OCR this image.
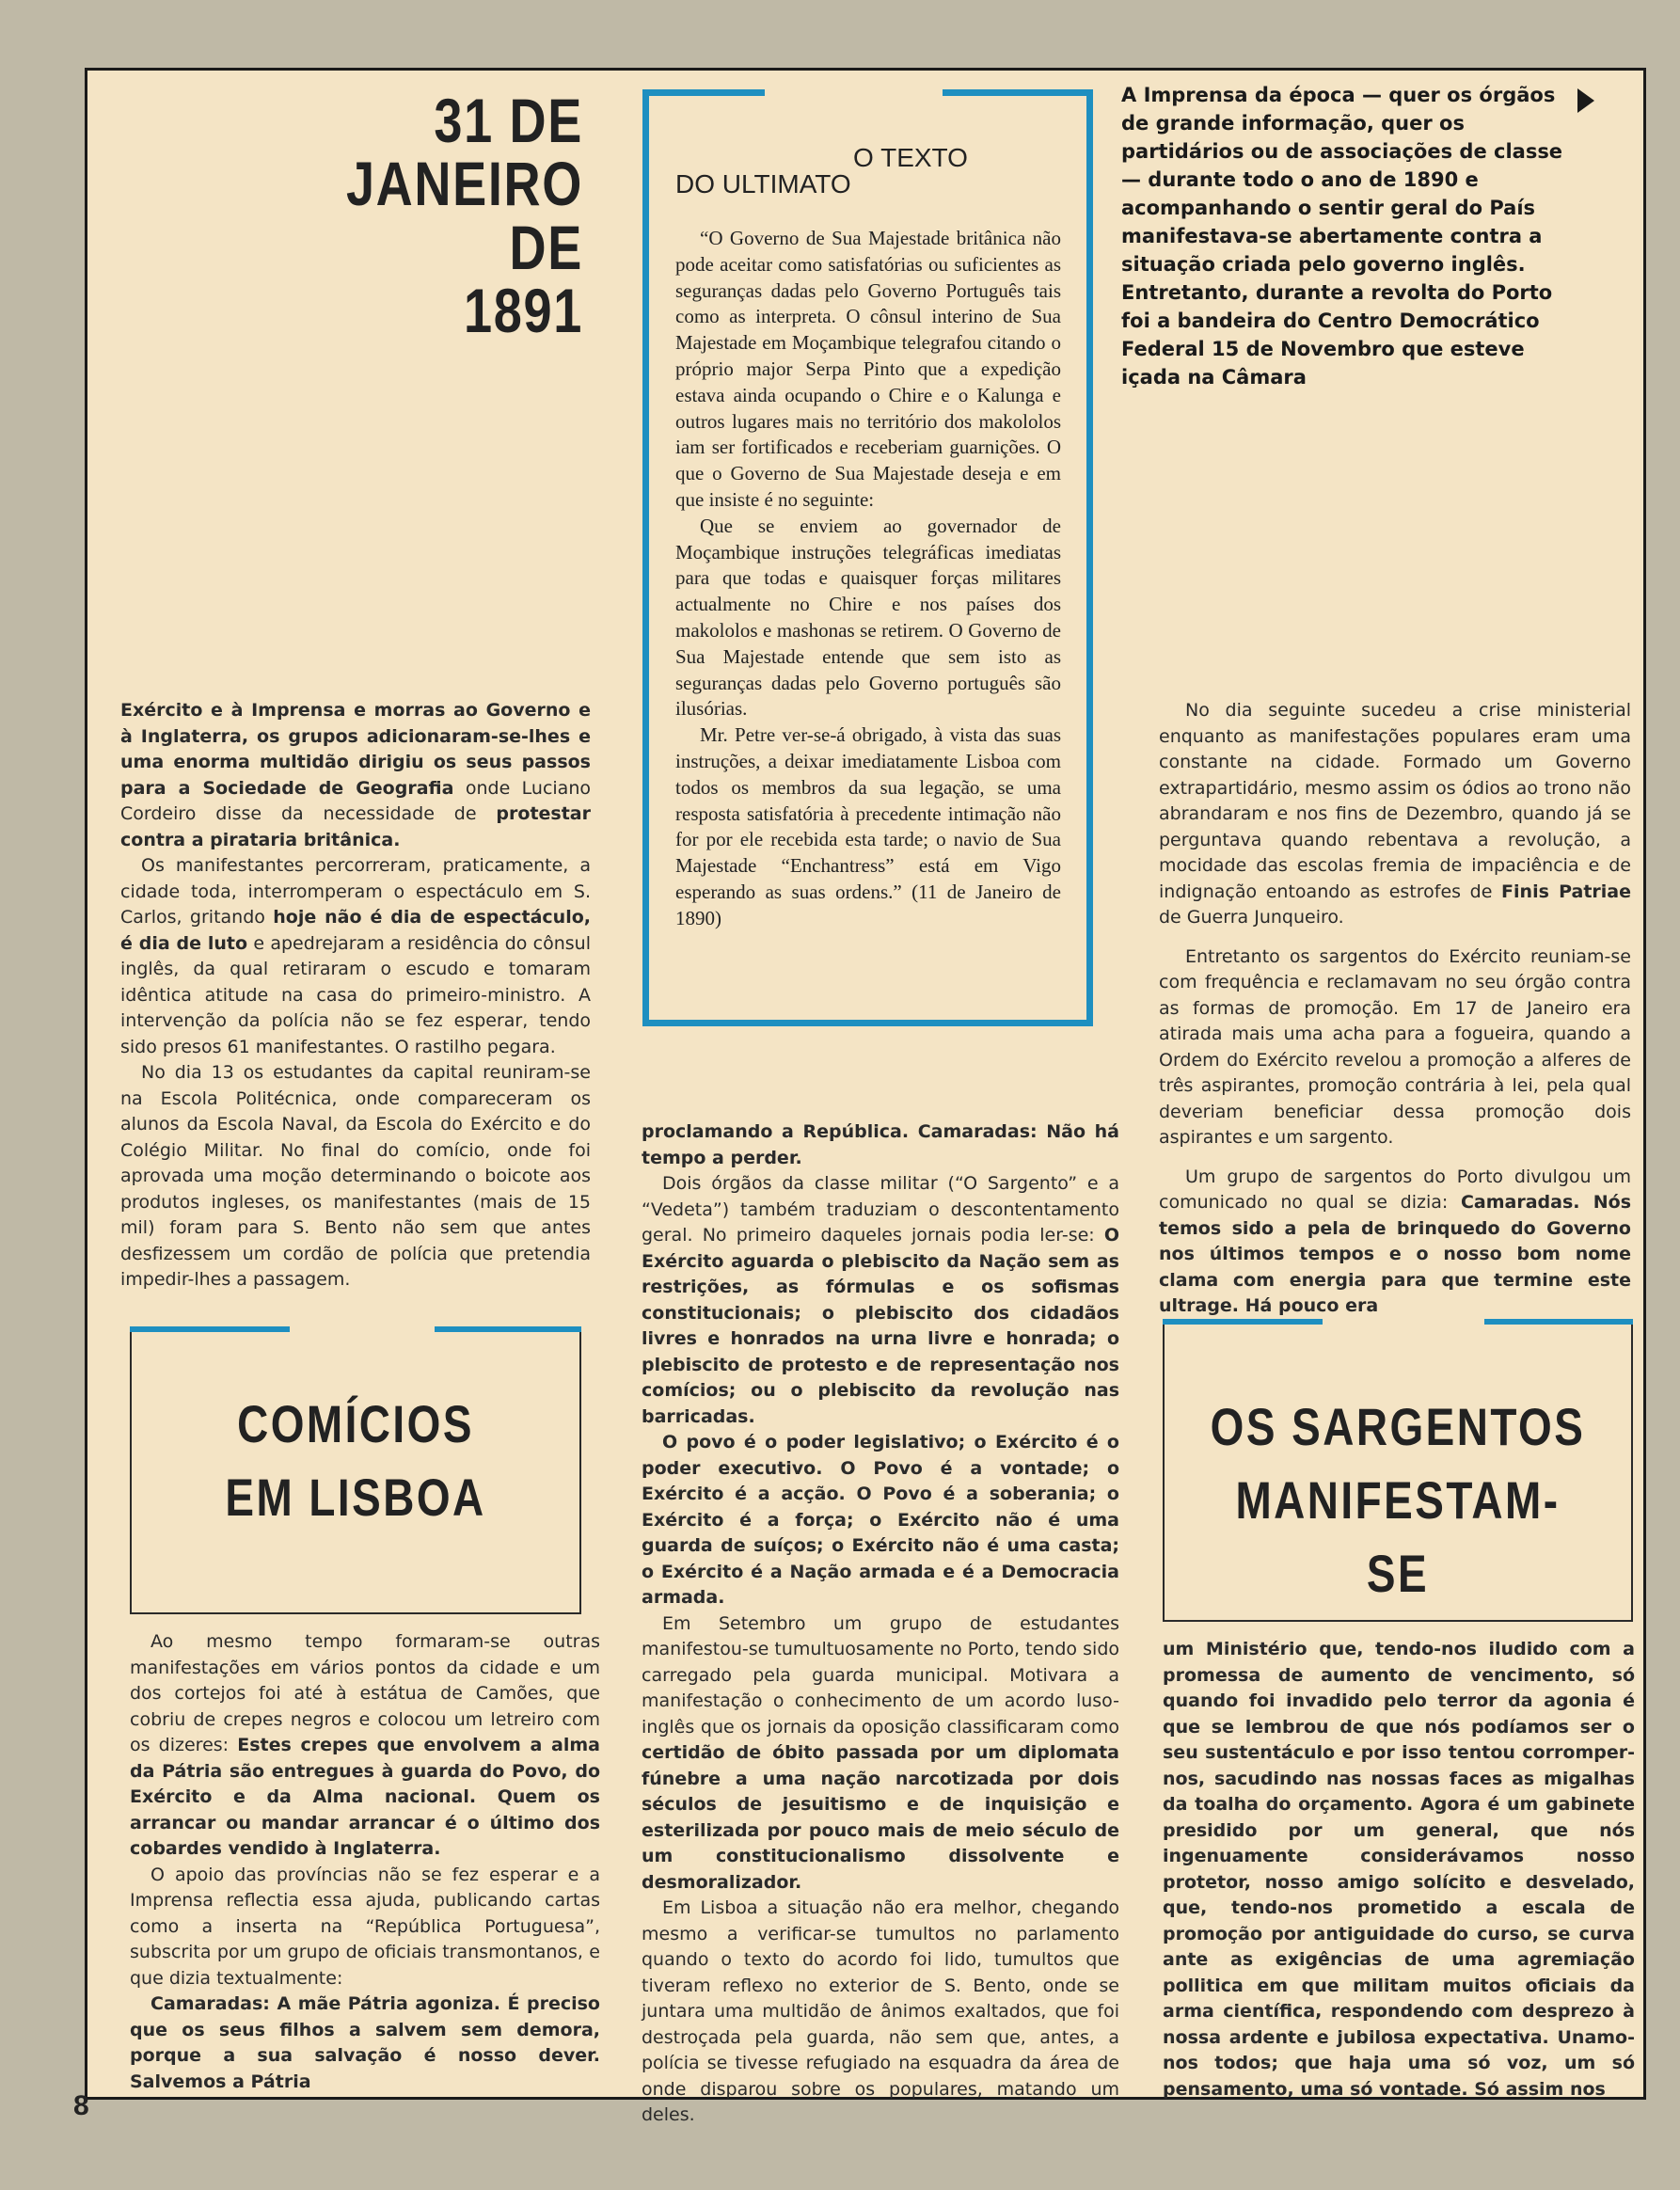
31 DE JANEIRO
DE
1891
O TEXTO
DO ULTIMATO

“O Governo de Sua Majestade britânica não pode aceitar como satisfatórias ou suficientes as seguranças dadas pelo Governo Português tais como as interpreta. O cônsul interino de Sua Majestade em Moçambique telegrafou citando o próprio major Serpa Pinto que a expedição estava ainda ocupando o Chire e o Kalunga e outros lugares mais no território dos makololos iam ser fortificados e receberiam guarnições. O que o Governo de Sua Majestade deseja e em que insiste é no seguinte:

Que se enviem ao governador de Moçambique instruções telegráficas imediatas para que todas e quaisquer forças militares actualmente no Chire e nos países dos makololos e mashonas se retirem. O Governo de Sua Majestade entende que sem isto as seguranças dadas pelo Governo português são ilusórias.

Mr. Petre ver-se-á obrigado, à vista das suas instruções, a deixar imediatamente Lisboa com todos os membros da sua legação, se uma resposta satisfatória à precedente intimação não for por ele recebida esta tarde; o navio de Sua Majestade “Enchantress” está em Vigo esperando as suas ordens.” (11 de Janeiro de 1890)

A Imprensa da época — quer os órgãos de grande informação, quer os partidários ou de associações de classe — durante todo o ano de 1890 e acompanhando o sentir geral do País manifestava-se abertamente contra a situação criada pelo governo inglês.

Entretanto, durante a revolta do Porto foi a bandeira do Centro Democrático Federal 15 de Novembro que esteve içada na Câmara

Exército e à Imprensa e morras ao Governo e à Inglaterra, os grupos adicionaram-se-lhes e uma enorma multidão dirigiu os seus passos para a Sociedade de Geografia onde Luciano Cordeiro disse da necessidade de protestar contra a pirataria britânica.

Os manifestantes percorreram, praticamente, a cidade toda, interromperam o espectáculo em S. Carlos, gritando hoje não é dia de espectáculo, é dia de luto e apedrejaram a residência do cônsul inglês, da qual retiraram o escudo e tomaram idêntica atitude na casa do primeiro-ministro. A intervenção da polícia não se fez esperar, tendo sido presos 61 manifestantes. O rastilho pegara.

No dia 13 os estudantes da capital reuniram-se na Escola Politécnica, onde compareceram os alunos da Escola Naval, da Escola do Exército e do Colégio Militar. No final do comício, onde foi aprovada uma moção determinando o boicote aos produtos ingleses, os manifestantes (mais de 15 mil) foram para S. Bento não sem que antes desfizessem um cordão de polícia que pretendia impedir-lhes a passagem.

COMÍCIOS
EM LISBOA

Ao mesmo tempo formaram-se outras manifestações em vários pontos da cidade e um dos cortejos foi até à estátua de Camões, que cobriu de crepes negros e colocou um letreiro com os dizeres: Estes crepes que envolvem a alma da Pátria são entregues à guarda do Povo, do Exército e da Alma nacional. Quem os arrancar ou mandar arrancar é o último dos cobardes vendido à Inglaterra.

O apoio das províncias não se fez esperar e a Imprensa reflectia essa ajuda, publicando cartas como a inserta na “República Portuguesa”, subscrita por um grupo de oficiais transmontanos, e que dizia textualmente:

Camaradas: A mãe Pátria agoniza. É preciso que os seus filhos a salvem sem demora, porque a sua salvação é nosso dever. Salvemos a Pátria

proclamando a República. Camaradas: Não há tempo a perder.

Dois órgãos da classe militar (“O Sargento” e a “Vedeta”) também traduziam o descontentamento geral. No primeiro daqueles jornais podia ler-se: O Exército aguarda o plebiscito da Nação sem as restrições, as fórmulas e os sofismas constitucionais; o plebiscito dos cidadãos livres e honrados na urna livre e honrada; o plebiscito de protesto e de representação nos comícios; ou o plebiscito da revolução nas barricadas.

O povo é o poder legislativo; o Exército é o poder executivo. O Povo é a vontade; o Exército é a acção. O Povo é a soberania; o Exército é a força; o Exército não é uma guarda de suíços; o Exército não é uma casta; o Exército é a Nação armada e é a Democracia armada.

Em Setembro um grupo de estudantes manifestou-se tumultuosamente no Porto, tendo sido carregado pela guarda municipal. Motivara a manifestação o conhecimento de um acordo luso-inglês que os jornais da oposição classificaram como certidão de óbito passada por um diplomata fúnebre a uma nação narcotizada por dois séculos de jesuitismo e de inquisição e esterilizada por pouco mais de meio século de um constitucionalismo dissolvente e desmoralizador.

Em Lisboa a situação não era melhor, chegando mesmo a verificar-se tumultos no parlamento quando o texto do acordo foi lido, tumultos que tiveram reflexo no exterior de S. Bento, onde se juntara uma multidão de ânimos exaltados, que foi destroçada pela guarda, não sem que, antes, a polícia se tivesse refugiado na esquadra da área de onde disparou sobre os populares, matando um deles.

No dia seguinte sucedeu a crise ministerial enquanto as manifestações populares eram uma constante na cidade. Formado um Governo extrapartidário, mesmo assim os ódios ao trono não abrandaram e nos fins de Dezembro, quando já se perguntava quando rebentava a revolução, a mocidade das escolas fremia de impaciência e de indignação entoando as estrofes de Finis Patriae de Guerra Junqueiro.

Entretanto os sargentos do Exército reuniam-se com frequência e reclamavam no seu órgão contra as formas de promoção. Em 17 de Janeiro era atirada mais uma acha para a fogueira, quando a Ordem do Exército revelou a promoção a alferes de três aspirantes, promoção contrária à lei, pela qual deveriam beneficiar dessa promoção dois aspirantes e um sargento.

Um grupo de sargentos do Porto divulgou um comunicado no qual se dizia: Camaradas. Nós temos sido a pela de brinquedo do Governo nos últimos tempos e o nosso bom nome clama com energia para que termine este ultrage. Há pouco era

OS SARGENTOS
MANIFESTAM-SE

um Ministério que, tendo-nos iludido com a promessa de aumento de vencimento, só quando foi invadido pelo terror da agonia é que se lembrou de que nós podíamos ser o seu sustentáculo e por isso tentou corromper-nos, sacudindo nas nossas faces as migalhas da toalha do orçamento. Agora é um gabinete presidido por um general, que nós ingenuamente considerávamos nosso protetor, nosso amigo solícito e desvelado, que, tendo-nos prometido a escala de promoção por antiguidade do curso, se curva ante as exigências de uma agremiação pollitica em que militam muitos oficiais da arma científica, respondendo com desprezo à nossa ardente e jubilosa expectativa. Unamo-nos todos; que haja uma só voz, um só pensamento, uma só vontade. Só assim nos

8
